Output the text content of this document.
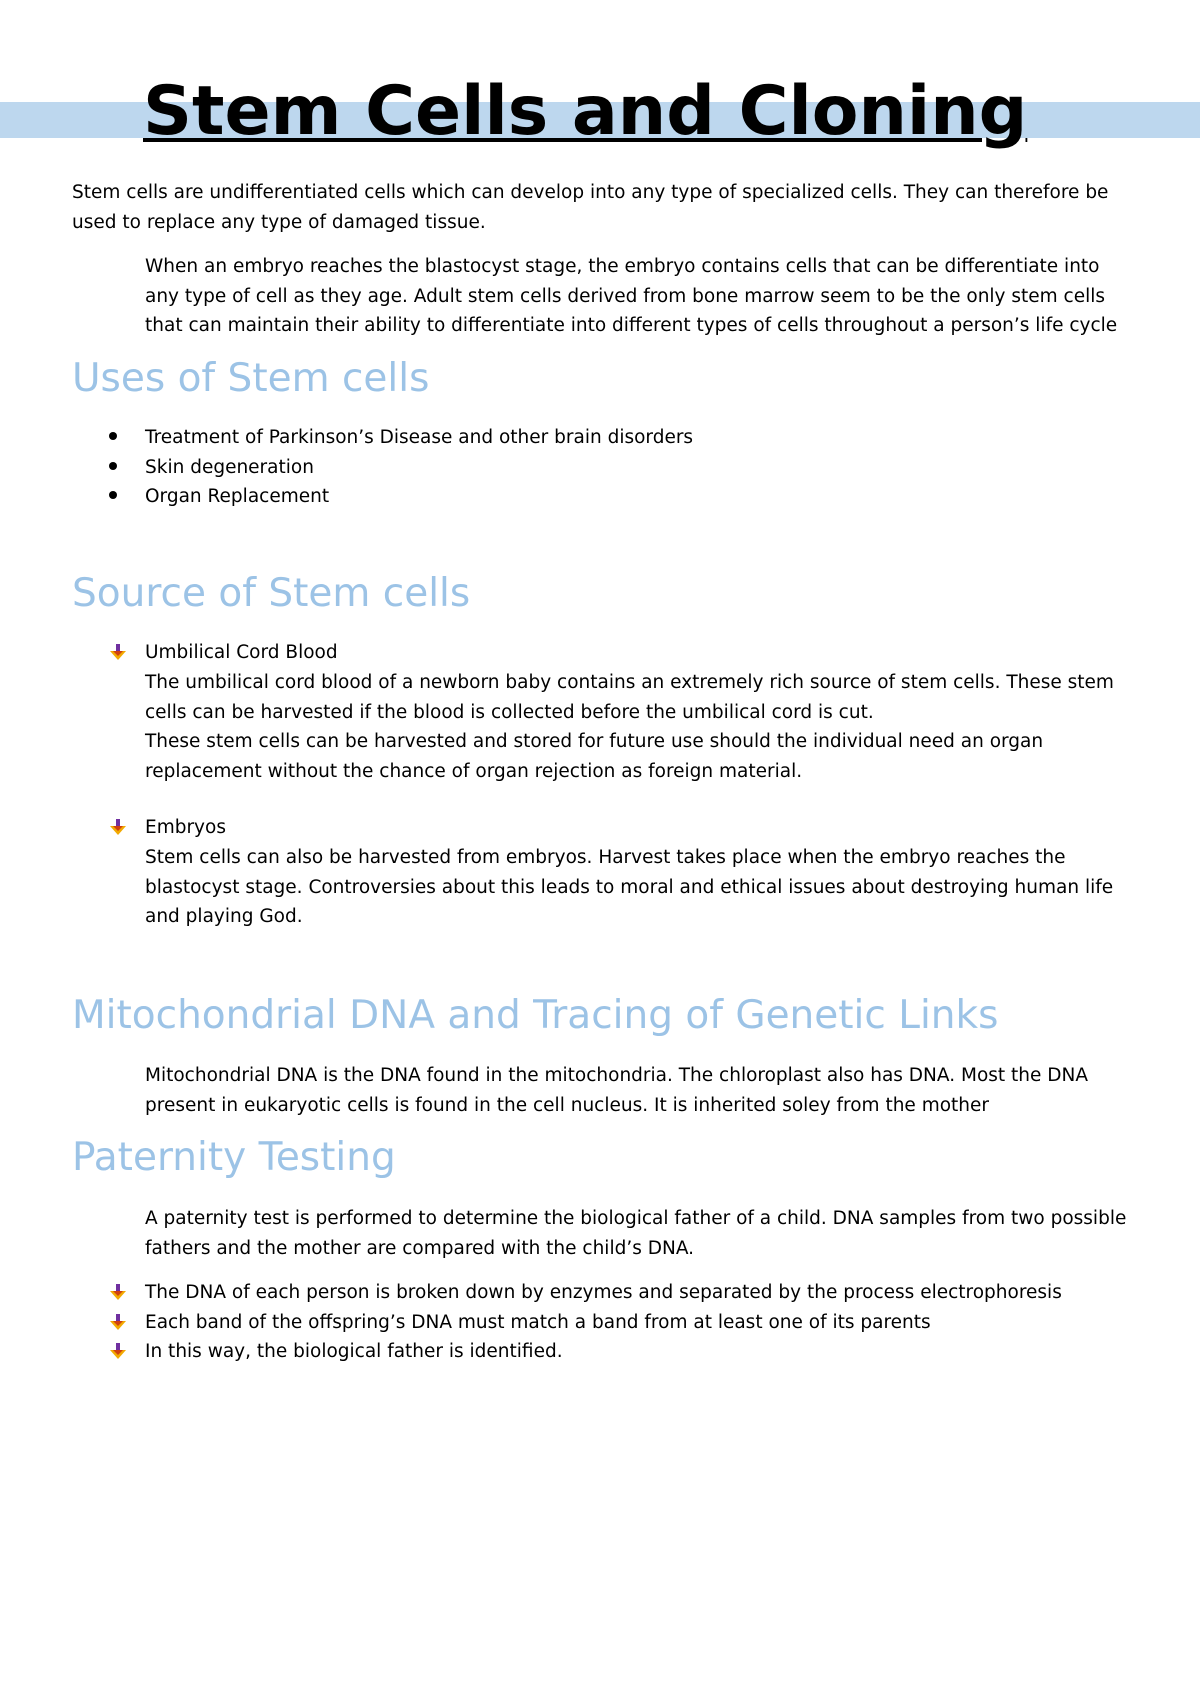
Stem Cells and Cloning

Stem cells are undifferentiated cells which can develop into any type of specialized cells. They can therefore be used to replace any type of damaged tissue.

When an embryo reaches the blastocyst stage, the embryo contains cells that can be differentiate into any type of cell as they age. Adult stem cells derived from bone marrow seem to be the only stem cells that can maintain their ability to differentiate into different types of cells throughout a person’s life cycle

Uses of Stem cells

Treatment of Parkinson’s Disease and other brain disorders

Skin degeneration

Organ Replacement

Source of Stem cells

Umbilical Cord Blood

The umbilical cord blood of a newborn baby contains an extremely rich source of stem cells. These stem cells can be harvested if the blood is collected before the umbilical cord is cut.

These stem cells can be harvested and stored for future use should the individual need an organ replacement without the chance of organ rejection as foreign material.

Embryos

Stem cells can also be harvested from embryos. Harvest takes place when the embryo reaches the blastocyst stage. Controversies about this leads to moral and ethical issues about destroying human life and playing God.

Mitochondrial DNA and Tracing of Genetic Links

Mitochondrial DNA is the DNA found in the mitochondria. The chloroplast also has DNA. Most the DNA present in eukaryotic cells is found in the cell nucleus. It is inherited soley from the mother

Paternity Testing

A paternity test is performed to determine the biological father of a child. DNA samples from two possible fathers and the mother are compared with the child’s DNA.

The DNA of each person is broken down by enzymes and separated by the process electrophoresis

Each band of the offspring’s DNA must match a band from at least one of its parents

In this way, the biological father is identified.
